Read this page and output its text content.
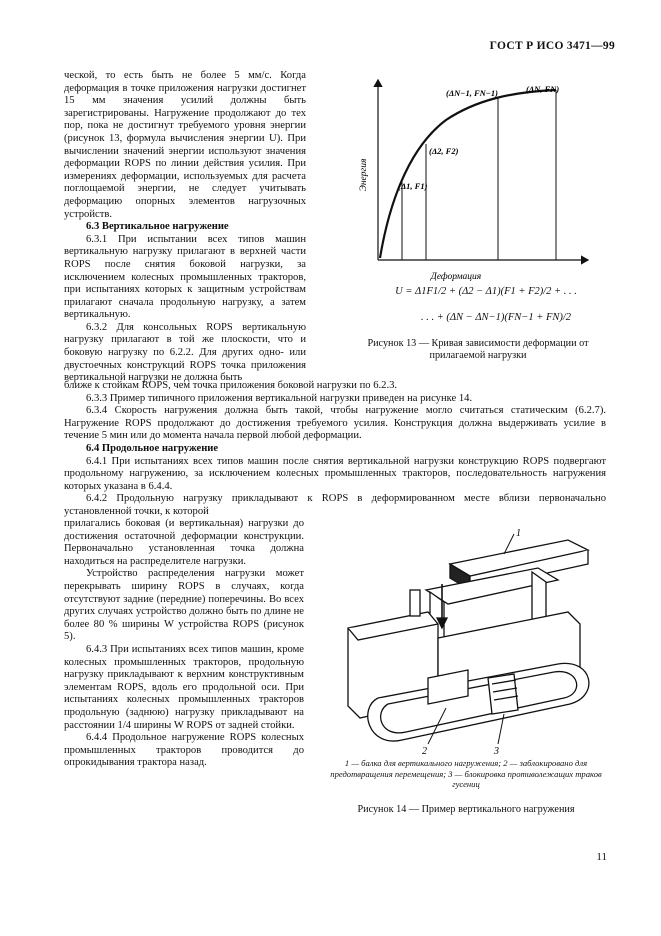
ГОСТ Р ИСО 3471—99

ческой, то есть быть не более 5 мм/с. Когда деформация в точке приложения нагрузки достигнет 15 мм значения усилий должны быть зарегистрированы. Нагружение продолжают до тех пор, пока не достигнут требуемого уровня энергии (рисунок 13, формула вычисления энергии U). При вычислении значений энергии используют значения деформации ROPS по линии действия усилия. При измерениях деформации, используемых для расчета поглощаемой энергии, не следует учитывать деформацию опорных элементов нагрузочных устройств.

6.3 Вертикальное нагружение

6.3.1 При испытании всех типов машин вертикальную нагрузку прилагают в верхней части ROPS после снятия боковой нагрузки, за исключением колесных промышленных тракторов, при испытаниях которых к защитным устройствам прилагают сначала продольную нагрузку, а затем вертикальную.

6.3.2 Для консольных ROPS вертикальную нагрузку прилагают в той же плоскости, что и боковую нагрузку по 6.2.2. Для других одно- или двустоечных конструкций ROPS точка приложения вертикальной нагрузки не должна быть

Энергия
Деформация
(Δ1, F1)
(Δ2, F2)
(ΔN−1, FN−1)	(ΔN, FN)
U = Δ1F1/2 + (Δ2 − Δ1)(F1 + F2)/2 + . . .
. . . + (ΔN − ΔN−1)(FN−1 + FN)/2
Рисунок 13 — Кривая зависимости деформации от прилагаемой нагрузки

ближе к стойкам ROPS, чем точка приложения боковой нагрузки по 6.2.3.

6.3.3 Пример типичного приложения вертикальной нагрузки приведен на рисунке 14.

6.3.4 Скорость нагружения должна быть такой, чтобы нагружение могло считаться статическим (6.2.7). Нагружение ROPS продолжают до достижения требуемого усилия. Конструкция должна выдерживать усилие в течение 5 мин или до момента начала первой любой деформации.

6.4 Продольное нагружение

6.4.1 При испытаниях всех типов машин после снятия вертикальной нагрузки конструкцию ROPS подвергают продольному нагружению, за исключением колесных промышленных тракторов, последовательность нагружения которых указана в 6.4.4.

6.4.2 Продольную нагрузку прикладывают к ROPS в деформированном месте вблизи первоначально установленной точки, к которой

прилагались боковая (и вертикальная) нагрузки до достижения остаточной деформации конструкции. Первоначально установленная точка должна находиться на распределителе нагрузки.

Устройство распределения нагрузки может перекрывать ширину ROPS в случаях, когда отсутствуют задние (передние) поперечины. Во всех других случаях устройство должно быть по длине не более 80 % ширины W устройства ROPS (рисунок 5).

6.4.3 При испытаниях всех типов машин, кроме колесных промышленных тракторов, продольную нагрузку прикладывают к верхним конструктивным элементам ROPS, вдоль его продольной оси. При испытаниях колесных промышленных тракторов продольную (заднюю) нагрузку прикладывают на расстоянии 1/4 ширины W ROPS от задней стойки.

6.4.4 Продольное нагружение ROPS колесных промышленных тракторов проводится до опрокидывания трактора назад.

1
2	3
1 — балка для вертикального нагружения; 2 — заблокировано для предотвращения перемещения; 3 — блокировка противолежащих траков гусениц
Рисунок 14 — Пример вертикального нагружения
11
